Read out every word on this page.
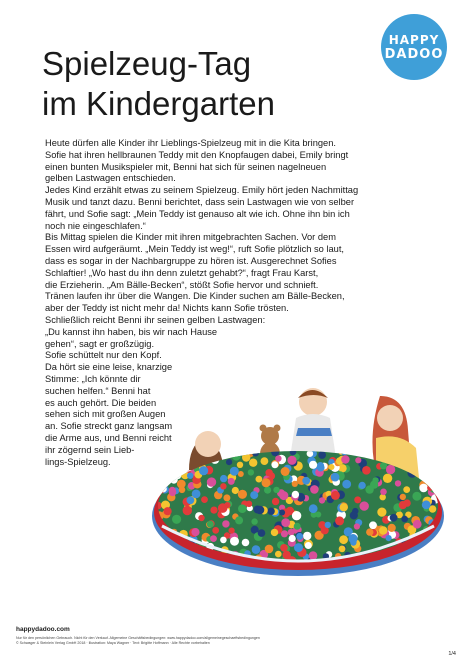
HAPPY
DADOO
Spielzeug-Tag
im Kindergarten
Heute dürfen alle Kinder ihr Lieblings-Spielzeug mit in die Kita bringen.
Sofie hat ihren hellbraunen Teddy mit den Knopfaugen dabei, Emily bringt
einen bunten Musikspieler mit, Benni hat sich für seinen nagelneuen
gelben Lastwagen entschieden.
Jedes Kind erzählt etwas zu seinem Spielzeug. Emily hört jeden Nachmittag
Musik und tanzt dazu. Benni berichtet, dass sein Lastwagen wie von selber
fährt, und Sofie sagt: „Mein Teddy ist genauso alt wie ich. Ohne ihn bin ich
noch nie eingeschlafen.“
Bis Mittag spielen die Kinder mit ihren mitgebrachten Sachen. Vor dem
Essen wird aufgeräumt. „Mein Teddy ist weg!“, ruft Sofie plötzlich so laut,
dass es sogar in der Nachbargruppe zu hören ist. Ausgerechnet Sofies
Schlaftier! „Wo hast du ihn denn zuletzt gehabt?“, fragt Frau Karst,
die Erzieherin. „Am Bälle-Becken“, stößt Sofie hervor und schnieft.
Tränen laufen ihr über die Wangen. Die Kinder suchen am Bälle-Becken,
aber der Teddy ist nicht mehr da! Nichts kann Sofie trösten.
Schließlich reicht Benni ihr seinen gelben Lastwagen:
„Du kannst ihn haben, bis wir nach Hause
gehen“, sagt er großzügig.
Sofie schüttelt nur den Kopf.
Da hört sie eine leise, knarzige
Stimme: „Ich könnte dir
suchen helfen.“ Benni hat
es auch gehört. Die beiden
sehen sich mit großen Augen
an. Sofie streckt ganz langsam
die Arme aus, und Benni reicht
ihr zögernd sein Lieb-
lings-Spielzeug.
happydadoo.com
Nur für den persönlichen Gebrauch. Nicht für den Verkauf. Allgemeine Geschäftsbedingungen: www.happydadoo.com/allgemeinegeschaeftsbedingungen
© Schwager & Steinlein Verlag GmbH 2018 · Illustration: Maya Wagner · Text: Brigitte Hoffmann · Alle Rechte vorbehalten
1/4
